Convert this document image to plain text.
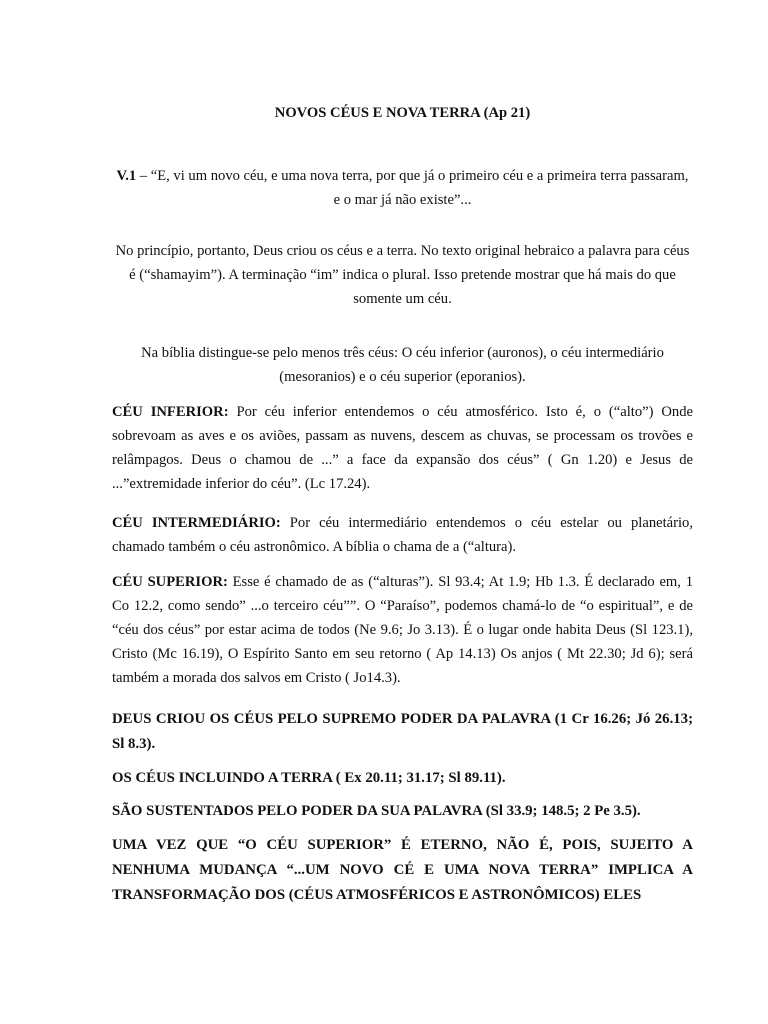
NOVOS CÉUS E NOVA TERRA (Ap 21)

V.1 – “E, vi um novo céu, e uma nova terra, por que já o primeiro céu e a primeira terra passaram, e o mar já não existe”...

No princípio, portanto, Deus criou os céus e a terra. No texto original hebraico a palavra para céus é (“shamayim”). A terminação “im” indica o plural. Isso pretende mostrar que há mais do que somente um céu.

Na bíblia distingue-se pelo menos três céus: O céu inferior (auronos), o céu intermediário (mesoranios) e o céu superior (eporanios).

CÉU INFERIOR: Por céu inferior entendemos o céu atmosférico. Isto é, o (“alto”) Onde sobrevoam as aves e os aviões, passam as nuvens, descem as chuvas, se processam os trovões e relâmpagos. Deus o chamou de ...” a face da expansão dos céus” ( Gn 1.20) e Jesus de ...”extremidade inferior do céu”. (Lc 17.24).

CÉU INTERMEDIÁRIO: Por céu intermediário entendemos o céu estelar ou planetário, chamado também o céu astronômico. A bíblia o chama de a (“altura).

CÉU SUPERIOR: Esse é chamado de as (“alturas”). Sl 93.4; At 1.9; Hb 1.3. É declarado em, 1 Co 12.2, como sendo” ...o terceiro céu””. O “Paraíso”, podemos chamá-lo de “o espiritual”, e de “céu dos céus” por estar acima de todos (Ne 9.6; Jo 3.13). É o lugar onde habita Deus (Sl 123.1), Cristo (Mc 16.19), O Espírito Santo em seu retorno ( Ap 14.13) Os anjos ( Mt 22.30; Jd 6); será também a morada dos salvos em Cristo ( Jo14.3).

DEUS CRIOU OS CÉUS PELO SUPREMO PODER DA PALAVRA (1 Cr 16.26; Jó 26.13; Sl 8.3).

OS CÉUS INCLUINDO A TERRA ( Ex 20.11; 31.17; Sl 89.11).

SÃO SUSTENTADOS PELO PODER DA SUA PALAVRA (Sl 33.9; 148.5; 2 Pe 3.5).

UMA VEZ QUE “O CÉU SUPERIOR” É ETERNO, NÃO É, POIS, SUJEITO A NENHUMA MUDANÇA “...UM NOVO CÉ E UMA NOVA TERRA” IMPLICA A TRANSFORMAÇÃO DOS (CÉUS ATMOSFÉRICOS E ASTRONÔMICOS) ELES
